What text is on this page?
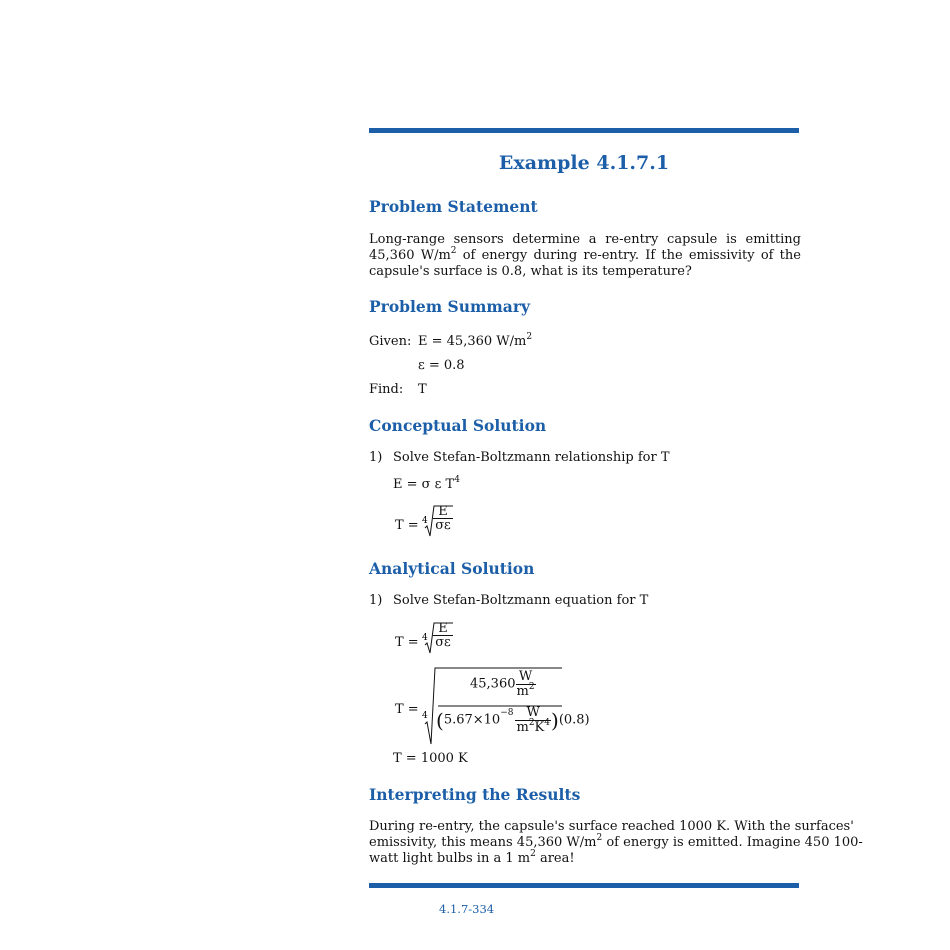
Example 4.1.7.1
Problem Statement
Long-range sensors determine a re-entry capsule is emitting 45,360 $W/m^2$ of energy during re-entry. If the emissivity of the capsule's surface is 0.8, what is its temperature?
Problem Summary
Given: E = 45,360 $W/m^2$
ε = 0.8
Find: T
Conceptual Solution
1) Solve Stefan-Boltzmann relationship for T
E = σ ε $T^4$
T = 4
E
σε
Analytical Solution
1) Solve Stefan-Boltzmann equation for T
T = 4
E
σε
T = 4
$45,360 \frac{W}{m^2}$
$(5.67\times 10^{-8} \frac{W}{m^2K^4} )(0.8)$
T = 1000 K
Interpreting the Results
During re-entry, the capsule's surface reached 1000 K. With the surfaces'
emissivity, this means 45,360 $W/m^2$ of energy is emitted. Imagine 450 100-
watt light bulbs in a 1 $m^2$ area!
4.1.7-334
